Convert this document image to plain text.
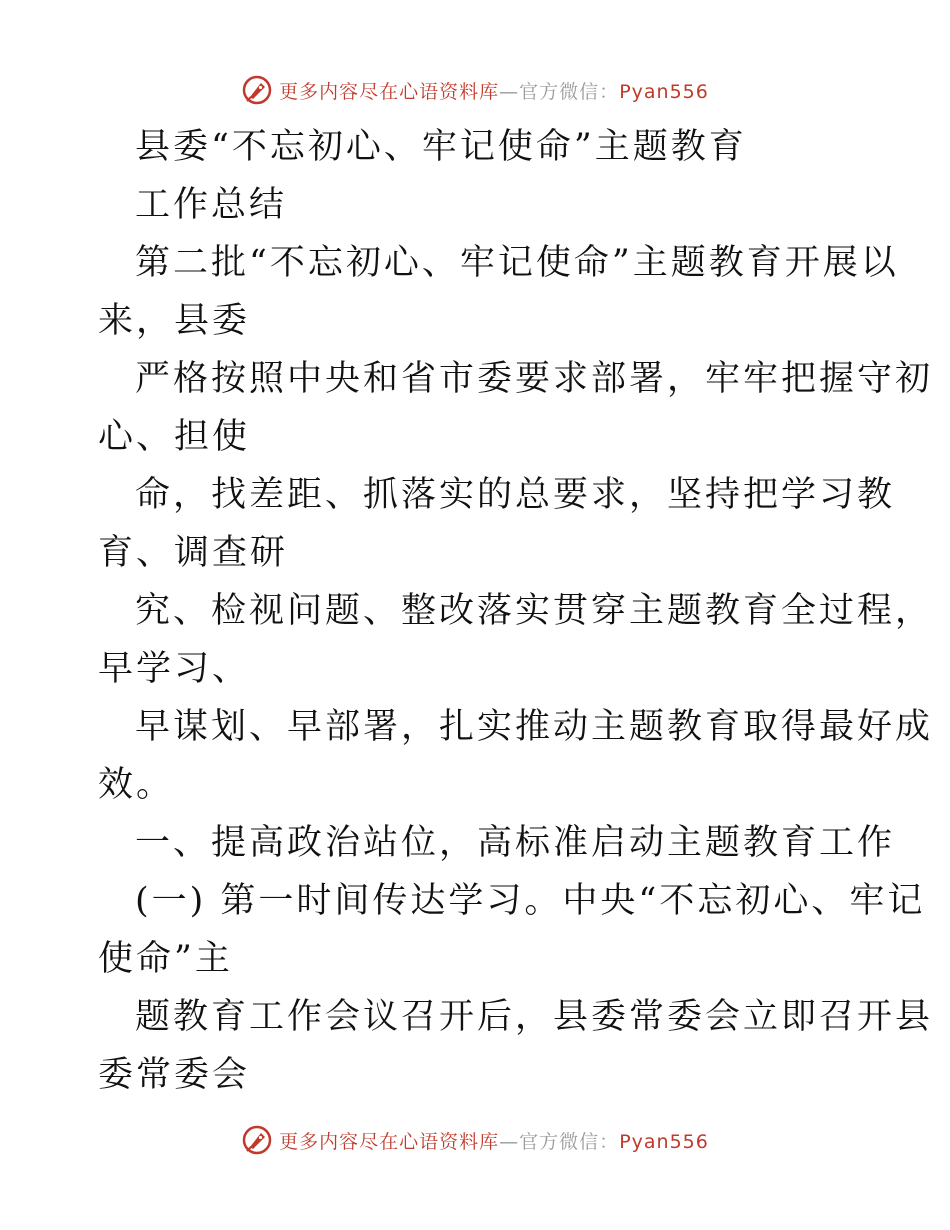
更多内容尽在心语资料库—官方微信：Pyan556
县委“不忘初心、牢记使命”主题教育
工作总结
第二批“不忘初心、牢记使命”主题教育开展以
来，县委
严格按照中央和省市委要求部署，牢牢把握守初
心、担使
命，找差距、抓落实的总要求，坚持把学习教
育、调查研
究、检视问题、整改落实贯穿主题教育全过程，
早学习、
早谋划、早部署，扎实推动主题教育取得最好成
效。
一、提高政治站位，高标准启动主题教育工作
(一) 第一时间传达学习。中央“不忘初心、牢记
使命”主
题教育工作会议召开后，县委常委会立即召开县
委常委会
更多内容尽在心语资料库—官方微信：Pyan556
